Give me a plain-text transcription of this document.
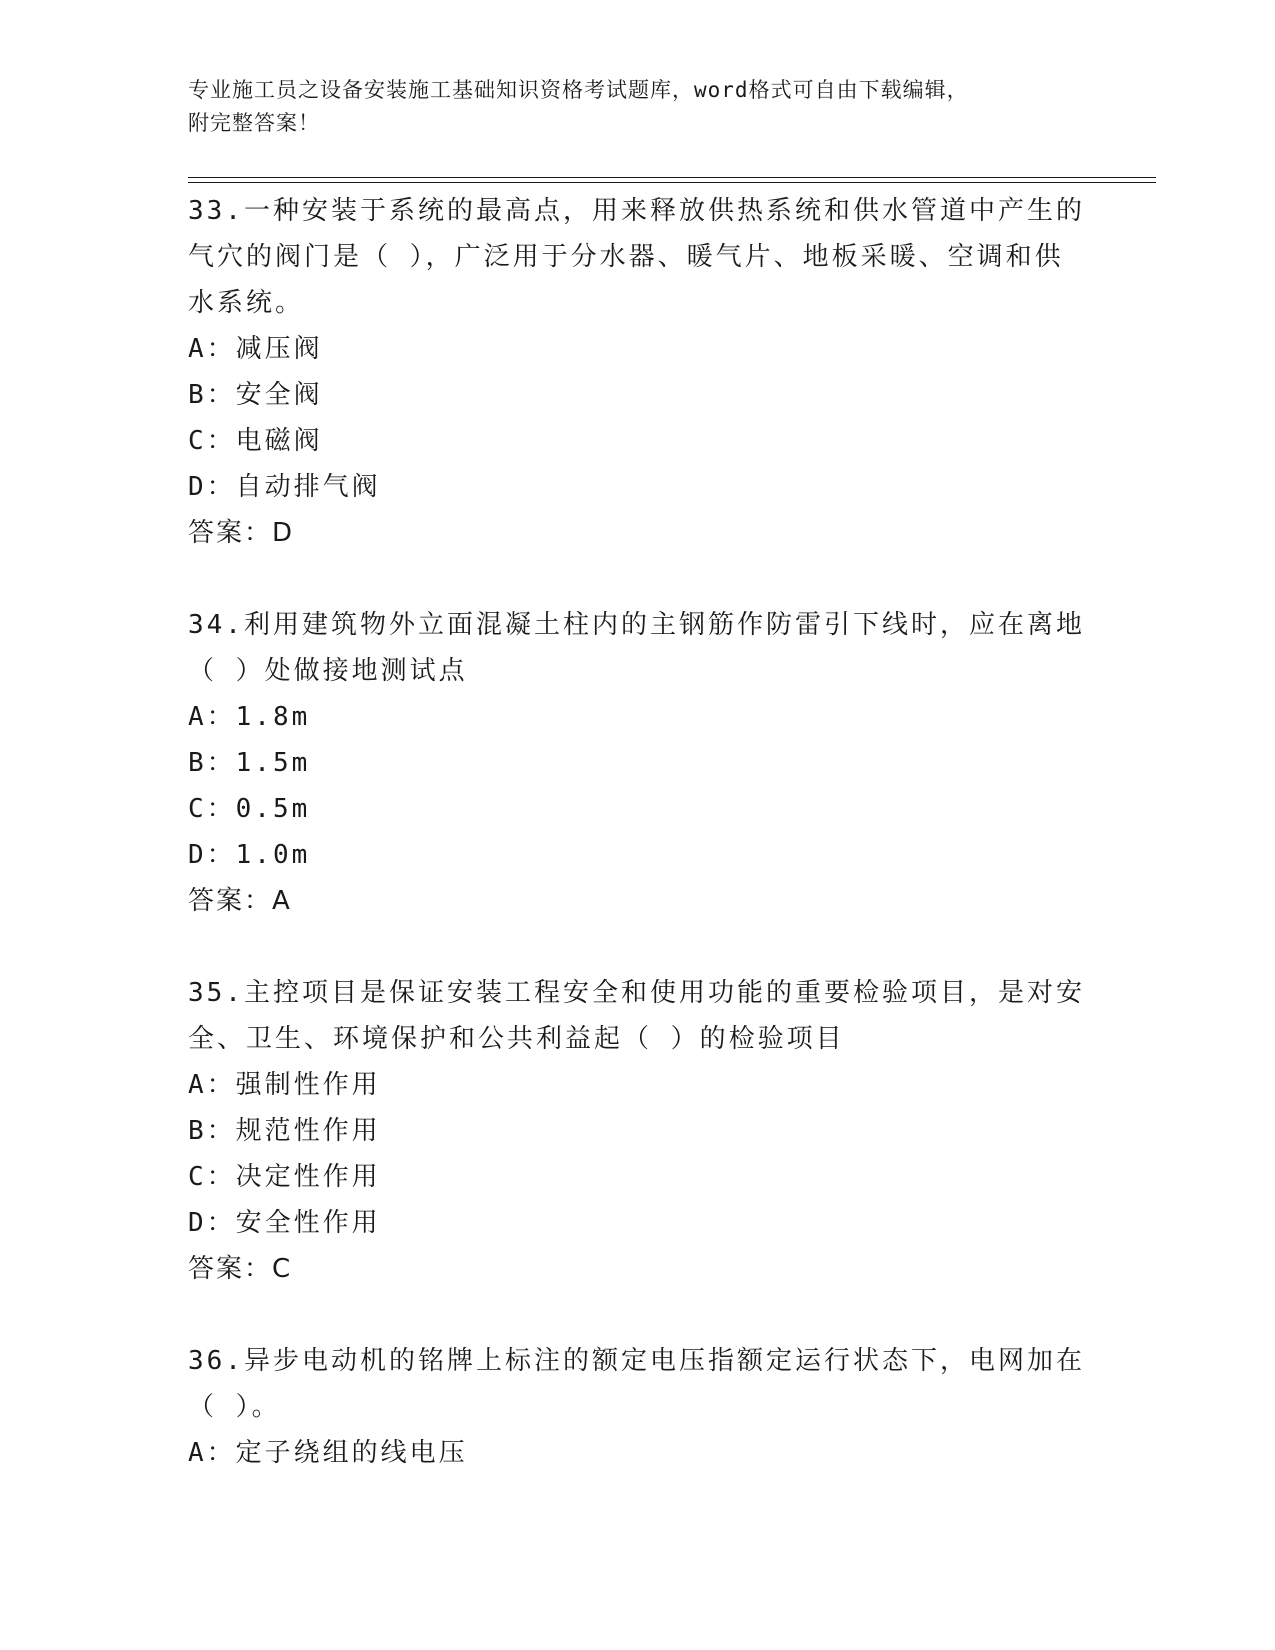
专业施工员之设备安装施工基础知识资格考试题库，word格式可自由下载编辑，
附完整答案！
33.一种安装于系统的最高点，用来释放供热系统和供水管道中产生的气穴的阀门是（ ），广泛用于分水器、暖气片、地板采暖、空调和供水系统。
A：减压阀
B：安全阀
C：电磁阀
D：自动排气阀
答案：D
34.利用建筑物外立面混凝土柱内的主钢筋作防雷引下线时，应在离地（ ）处做接地测试点
A：1.8m
B：1.5m
C：0.5m
D：1.0m
答案：A
35.主控项目是保证安装工程安全和使用功能的重要检验项目，是对安全、卫生、环境保护和公共利益起（ ）的检验项目
A：强制性作用
B：规范性作用
C：决定性作用
D：安全性作用
答案：C
36.异步电动机的铭牌上标注的额定电压指额定运行状态下，电网加在（ ）。
A：定子绕组的线电压
